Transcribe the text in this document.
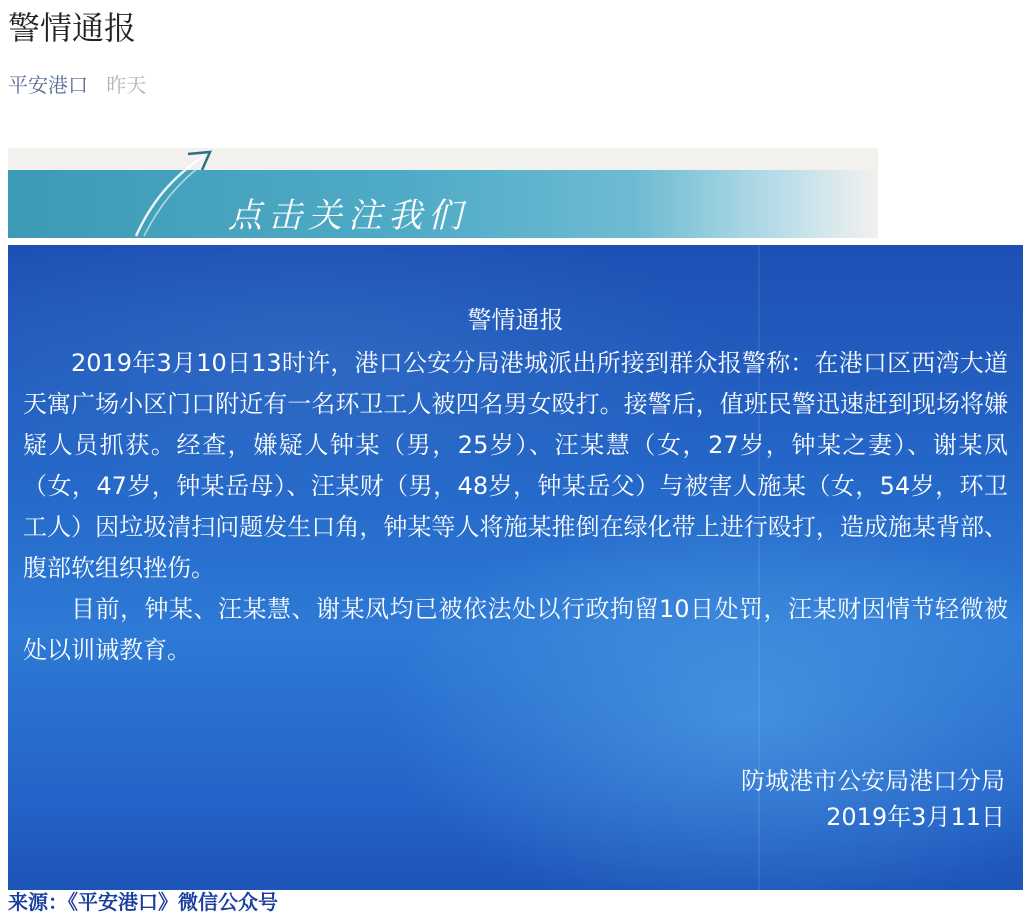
警情通报
平安港口 昨天
点击关注我们
警情通报

2019年3月10日13时许，港口公安分局港城派出所接到群众报警称：在港口区西湾大道天寓广场小区门口附近有一名环卫工人被四名男女殴打。接警后，值班民警迅速赶到现场将嫌疑人员抓获。经查，嫌疑人钟某（男，25岁）、汪某慧（女，27岁，钟某之妻）、谢某凤（女，47岁，钟某岳母）、汪某财（男，48岁，钟某岳父）与被害人施某（女，54岁，环卫工人）因垃圾清扫问题发生口角，钟某等人将施某推倒在绿化带上进行殴打，造成施某背部、腹部软组织挫伤。

目前，钟某、汪某慧、谢某凤均已被依法处以行政拘留10日处罚，汪某财因情节轻微被处以训诫教育。

防城港市公安局港口分局
2019年3月11日
来源：《平安港口》微信公众号
